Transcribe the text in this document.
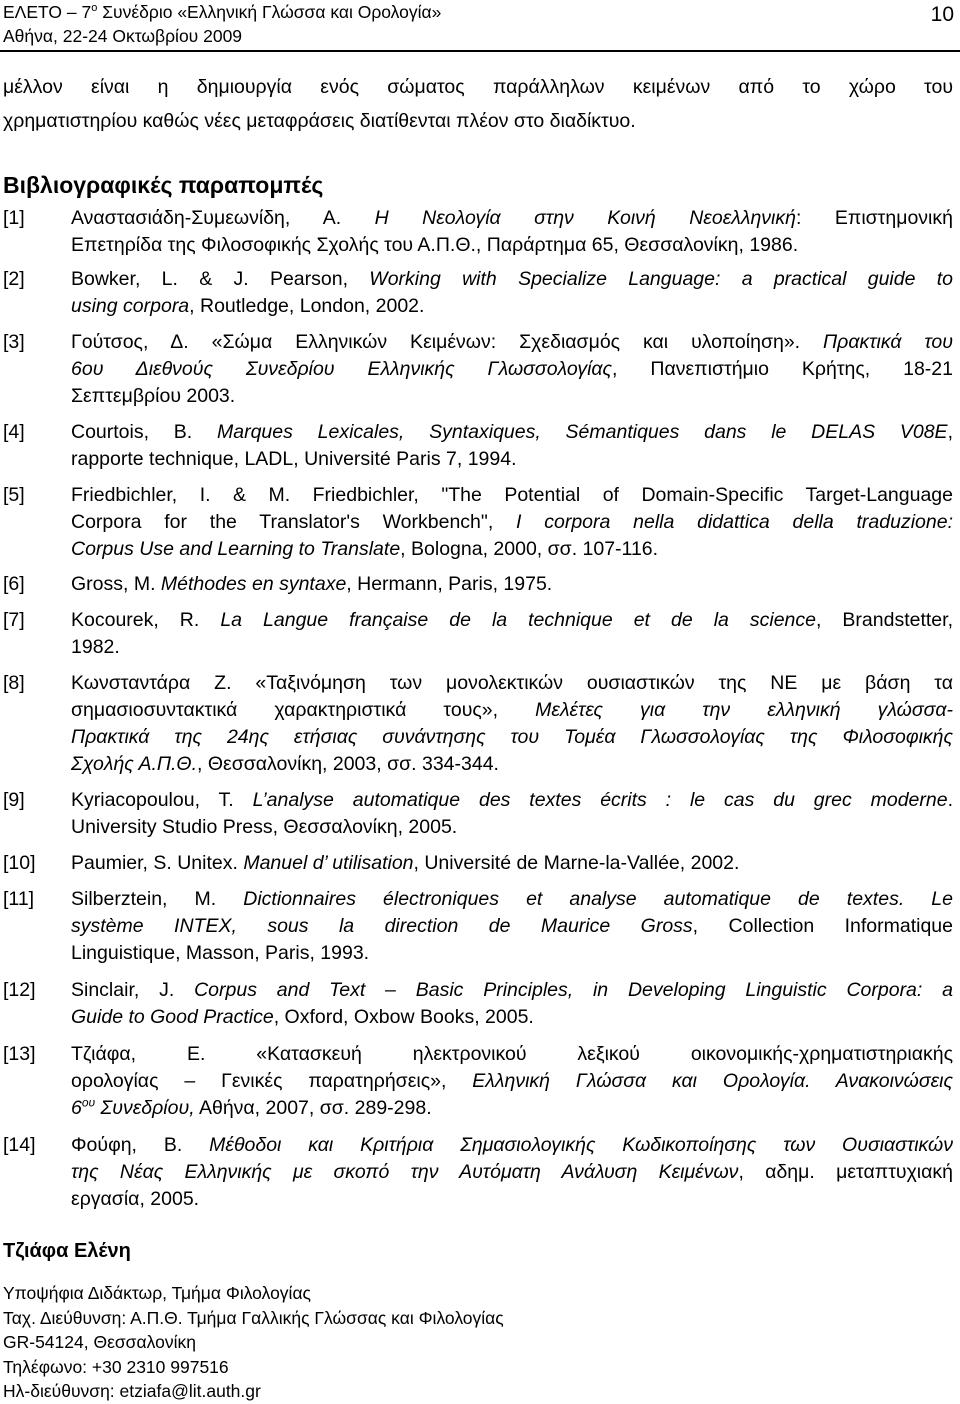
ΕΛΕΤΟ – $7^o$ Συνέδριο «Ελληνική Γλώσσα και Ορολογία»
Αθήνα, 22-24 Οκτωβρίου 2009
10
μέλλον είναι η δημιουργία ενός σώματος παράλληλων κειμένων από το χώρο του
χρηματιστηρίου καθώς νέες μεταφράσεις διατίθενται πλέον στο διαδίκτυο.
Βιβλιογραφικές παραπομπές
[1]	Αναστασιάδη-Συμεωνίδη, Α. Η Νεολογία στην Κοινή Νεοελληνική: Επιστημονική
Επετηρίδα της Φιλοσοφικής Σχολής του Α.Π.Θ., Παράρτημα 65, Θεσσαλονίκη, 1986.
[2]	Bowker, L. & J. Pearson, Working with Specialize Language: a practical guide to
using corpora, Routledge, London, 2002.
[3]	Γούτσος, Δ. «Σώμα Ελληνικών Κειμένων: Σχεδιασμός και υλοποίηση». Πρακτικά του
6ου Διεθνούς Συνεδρίου Ελληνικής Γλωσσολογίας, Πανεπιστήμιο Κρήτης, 18-21
Σεπτεμβρίου 2003.
[4]	Courtois, B. Marques Lexicales, Syntaxiques, Sémantiques dans le DELAS V08E,
rapporte technique, LADL, Université Paris 7, 1994.
[5]	Friedbichler, I. & M. Friedbichler, "The Potential of Domain-Specific Target-Language
Corpora for the Translator's Workbench", I corpora nella didattica della traduzione:
Corpus Use and Learning to Translate, Bologna, 2000, σσ. 107-116.
[6]	Gross, M. Méthodes en syntaxe, Hermann, Paris, 1975.
[7]	Kocourek, R. La Langue française de la technique et de la science, Brandstetter,
1982.
[8]	Κωνσταντάρα Ζ. «Ταξινόμηση των μονολεκτικών ουσιαστικών της ΝΕ με βάση τα
σημασιοσυντακτικά χαρακτηριστικά τους», Μελέτες για την ελληνική γλώσσα-
Πρακτικά της 24ης ετήσιας συνάντησης του Τομέα Γλωσσολογίας της Φιλοσοφικής
Σχολής Α.Π.Θ., Θεσσαλονίκη, 2003, σσ. 334-344.
[9]	Kyriacopoulou, T. L’analyse automatique des textes écrits : le cas du grec moderne.
University Studio Press, Θεσσαλονίκη, 2005.
[10]	Paumier, S. Unitex. Manuel d’ utilisation, Université de Marne-la-Vallée, 2002.
[11]	Silberztein, M. Dictionnaires électroniques et analyse automatique de textes. Le
système INTEX, sous la direction de Maurice Gross, Collection Informatique
Linguistique, Masson, Paris, 1993.
[12]	Sinclair, J. Corpus and Text – Basic Principles, in Developing Linguistic Corpora: a
Guide to Good Practice, Oxford, Oxbow Books, 2005.
[13]	Τζιάφα, Ε. «Κατασκευή ηλεκτρονικού λεξικού οικονομικής-χρηματιστηριακής
ορολογίας – Γενικές παρατηρήσεις», Ελληνική Γλώσσα και Ορολογία. Ανακοινώσεις
$6^{o\upsilon}$ Συνεδρίου, Αθήνα, 2007, σσ. 289-298.
[14]	Φούφη, Β. Μέθοδοι και Κριτήρια Σημασιολογικής Κωδικοποίησης των Ουσιαστικών
της Νέας Ελληνικής με σκοπό την Αυτόματη Ανάλυση Κειμένων, αδημ. μεταπτυχιακή
εργασία, 2005.
Τζιάφα Ελένη
Υποψήφια Διδάκτωρ, Τμήμα Φιλολογίας
Ταχ. Διεύθυνση: Α.Π.Θ. Τμήμα Γαλλικής Γλώσσας και Φιλολογίας
GR-54124, Θεσσαλονίκη
Τηλέφωνο: +30 2310 997516
Ηλ-διεύθυνση: etziafa@lit.auth.gr
